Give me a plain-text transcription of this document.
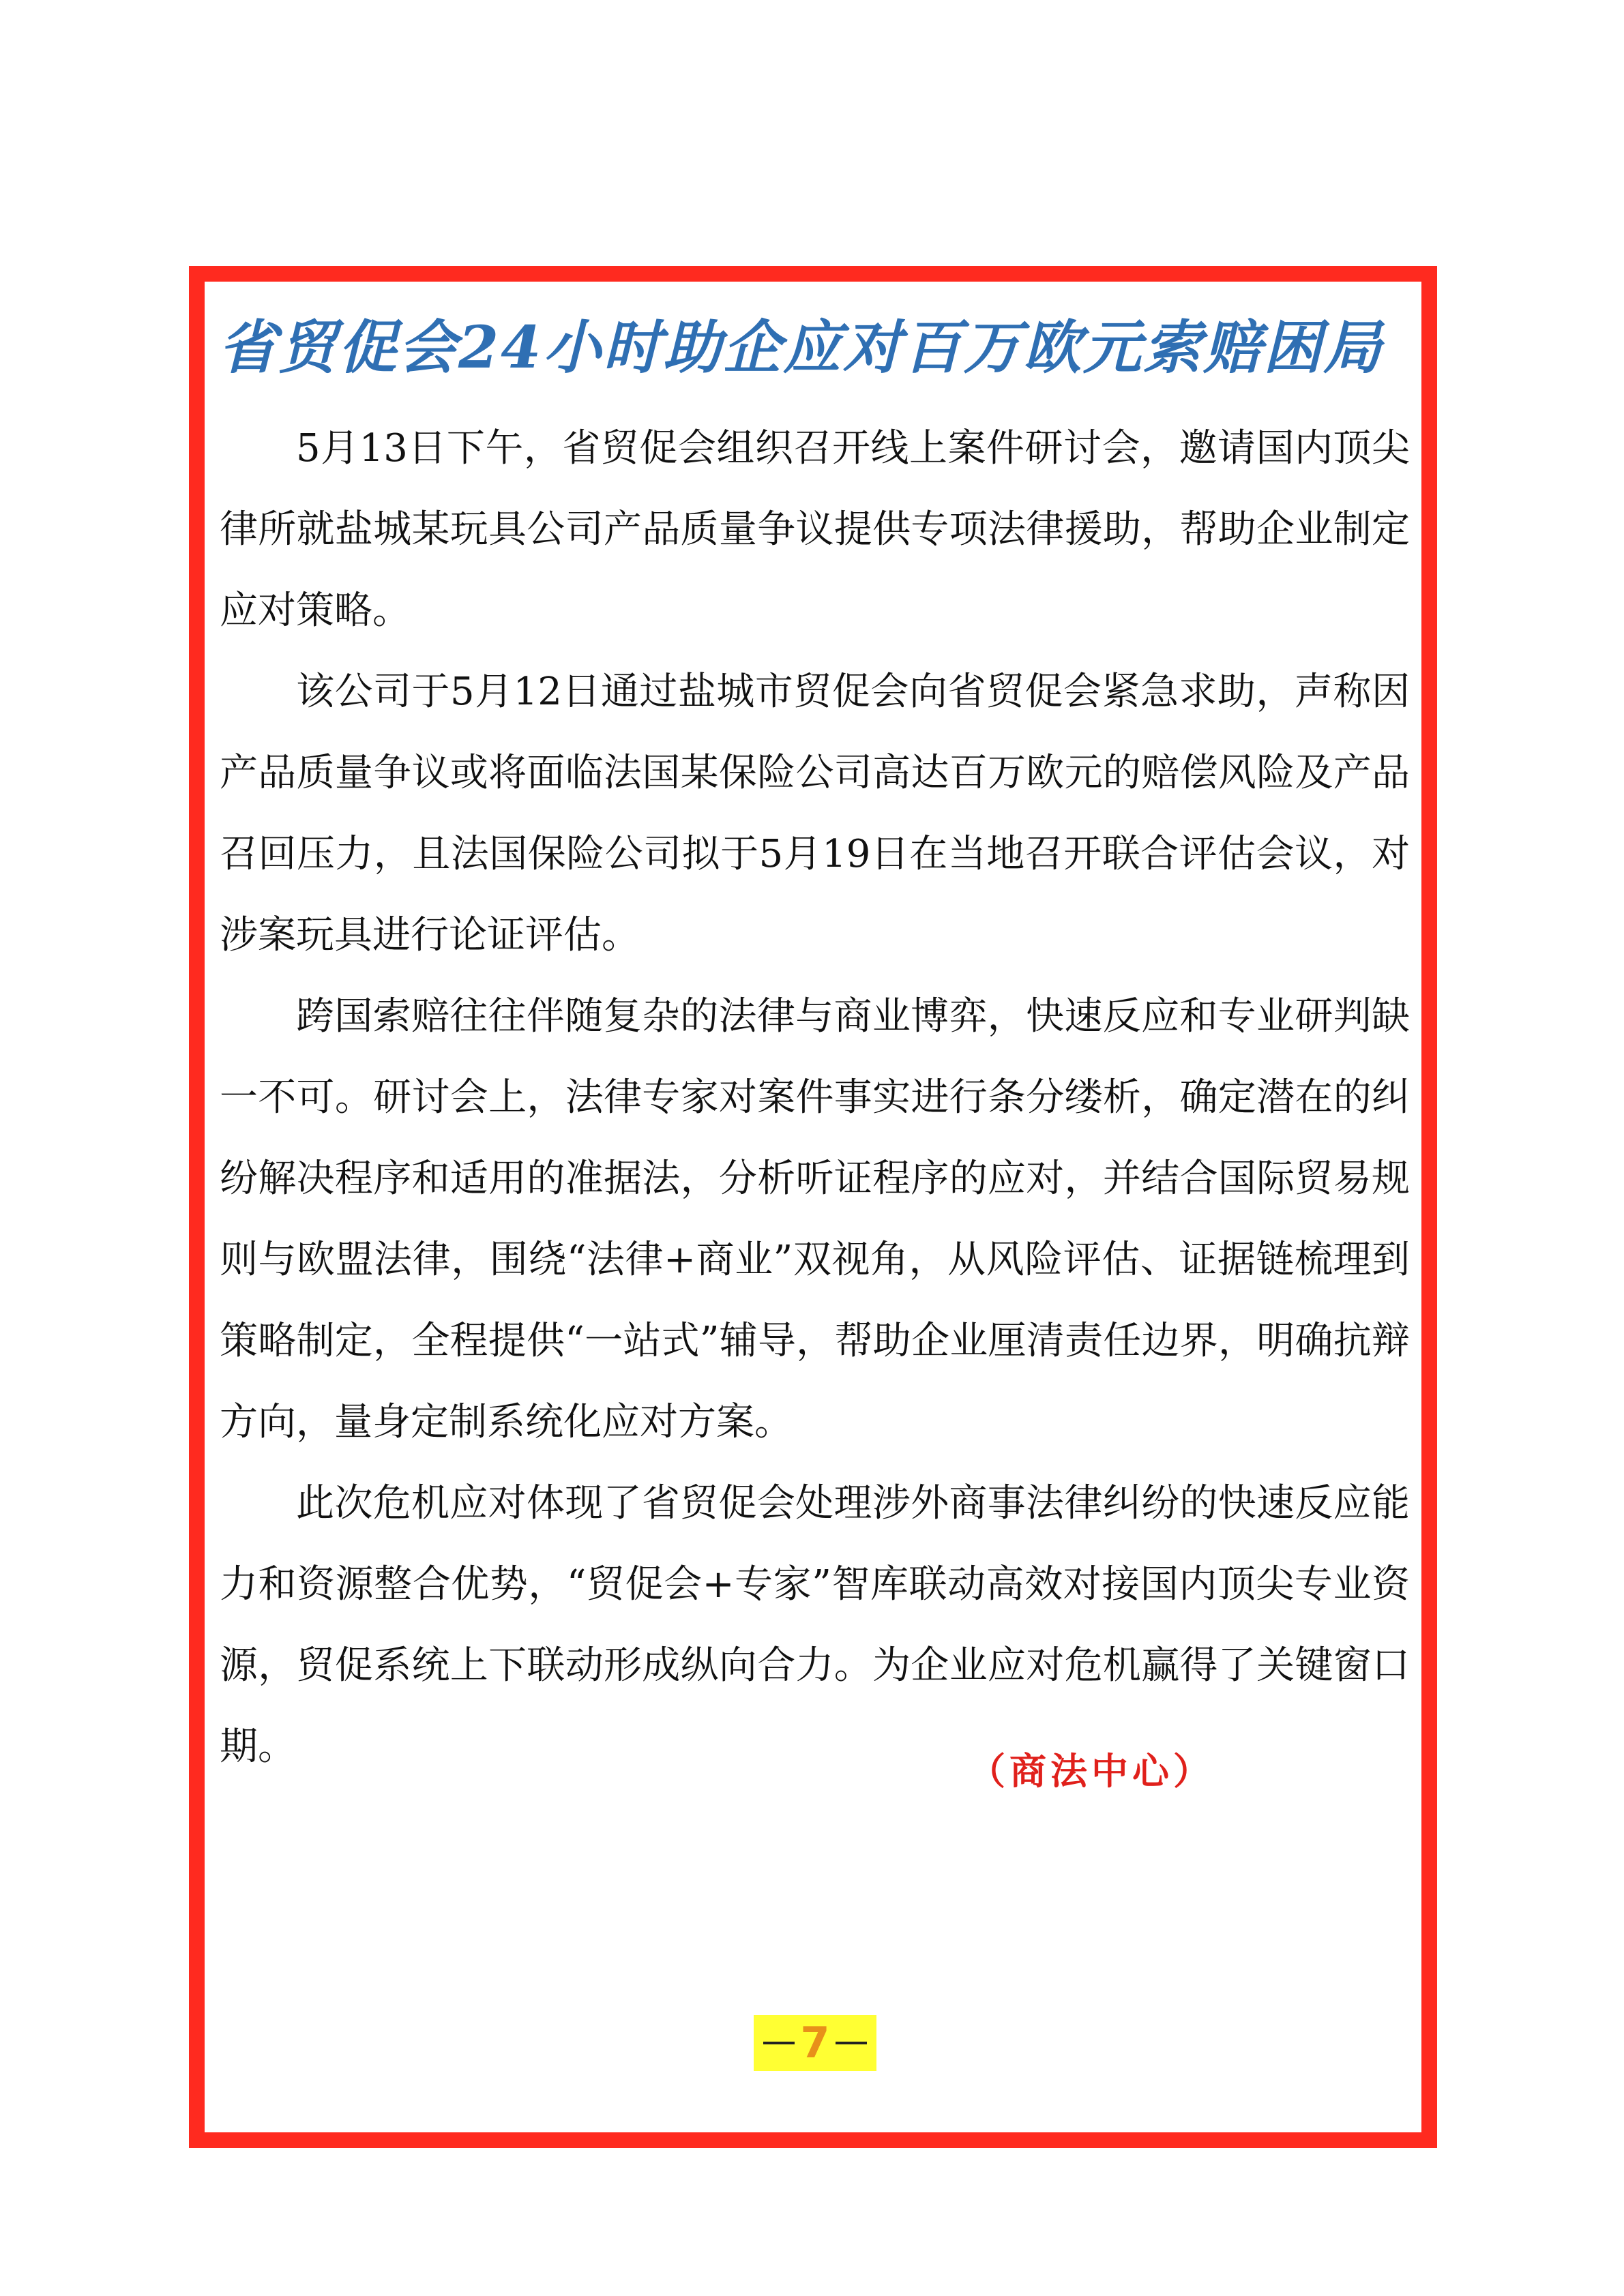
省贸促会24小时助企应对百万欧元索赔困局

5月13日下午，省贸促会组织召开线上案件研讨会，邀请国内顶尖律所就盐城某玩具公司产品质量争议提供专项法律援助，帮助企业制定应对策略。

该公司于5月12日通过盐城市贸促会向省贸促会紧急求助，声称因产品质量争议或将面临法国某保险公司高达百万欧元的赔偿风险及产品召回压力，且法国保险公司拟于5月19日在当地召开联合评估会议，对涉案玩具进行论证评估。

跨国索赔往往伴随复杂的法律与商业博弈，快速反应和专业研判缺一不可。研讨会上，法律专家对案件事实进行条分缕析，确定潜在的纠纷解决程序和适用的准据法，分析听证程序的应对，并结合国际贸易规则与欧盟法律，围绕“法律+商业”双视角，从风险评估、证据链梳理到策略制定，全程提供“一站式”辅导，帮助企业厘清责任边界，明确抗辩方向，量身定制系统化应对方案。

此次危机应对体现了省贸促会处理涉外商事法律纠纷的快速反应能力和资源整合优势，“贸促会+专家”智库联动高效对接国内顶尖专业资源，贸促系统上下联动形成纵向合力。为企业应对危机赢得了关键窗口期。

（商法中心）
7
